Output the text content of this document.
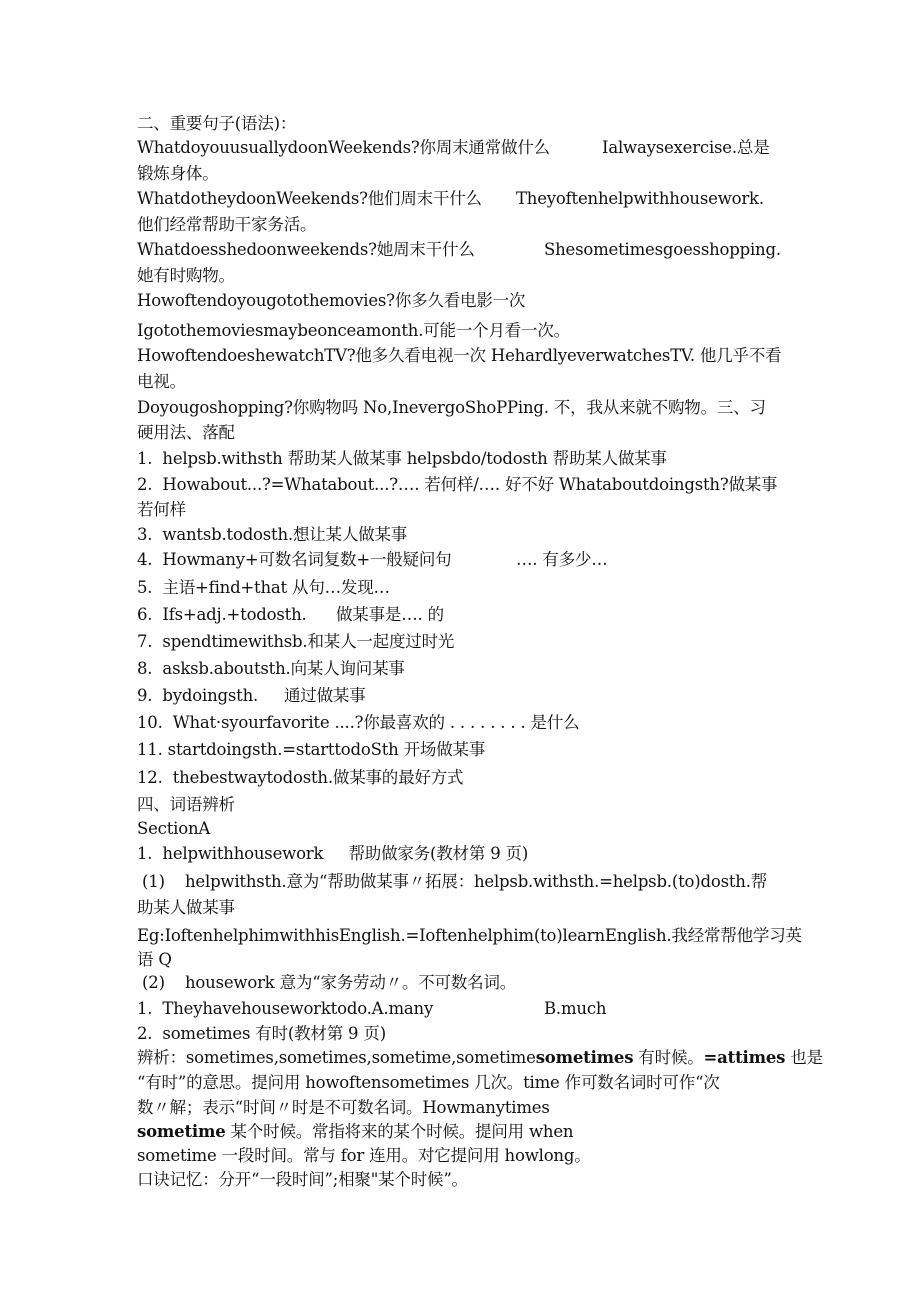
二、重要句子(语法)：
WhatdoyouusuallydoonWeekends?你周末通常做什么	Ialwaysexercise.总是
锻炼身体。
WhatdotheydoonWeekends?他们周末干什么 Theyoftenhelpwithhousework.
他们经常帮助干家务活。
Whatdoesshedoonweekends?她周末干什么	Shesometimesgoesshopping.
她有时购物。
Howoftendoyougotothemovies?你多久看电影一次
Igotothemoviesmaybeonceamonth.可能一个月看一次。
HowoftendoeshewatchTV?他多久看电视一次 HehardlyeverwatchesTV. 他几乎不看
电视。
Doyougoshopping?你购物吗 No,InevergoShoPPing. 不，我从来就不购物。三、习
硬用法、落配
1.  helpsb.withsth 帮助某人做某事 helpsbdo/todosth 帮助某人做某事
2.  Howabout...?=Whatabout...?…. 若何样/…. 好不好 Whataboutdoingsth?做某事
若何样
3.  wantsb.todosth.想让某人做某事
4.  Howmany+可数名词复数+一般疑问句	…. 有多少…
5.  主语+find+that 从句…发现…
6.  Ifs+adj.+todosth. 做某事是…. 的
7.  spendtimewithsb.和某人一起度过时光
8.  asksb.aboutsth.向某人询问某事
9.  bydoingsth. 通过做某事
10.  What·syourfavorite ....?你最喜欢的 . . . . . . . . 是什么
11. startdoingsth.=starttodoSth 开场做某事
12.  thebestwaytodosth.做某事的最好方式
四、词语辨析
SectionA
1.  helpwithhousework     帮助做家务(教材第 9 页)
(1)    helpwithsth.意为“帮助做某事〃拓展：helpsb.withsth.=helpsb.(to)dosth.帮
助某人做某事
Eg:IoftenhelphimwithhisEnglish.=Ioftenhelphim(to)learnEnglish.我经常帮他学习英
语 Q
(2)    housework 意为“家务劳动〃。不可数名词。
1.  Theyhavehouseworktodo.A.many	B.much
2.  sometimes 有时(教材第 9 页)
辨析：sometimes,sometimes,sometime,sometimesometimes 有时候。=attimes 也是
“有时”的意思。提问用 howoftensometimes 几次。time 作可数名词时可作“次
数〃解；表示“时间〃时是不可数名词。Howmanytimes
sometime 某个时候。常指将来的某个时候。提问用 when
sometime 一段时间。常与 for 连用。对它提问用 howlong。
口诀记忆：分开“一段时间”;相聚"某个时候”。
